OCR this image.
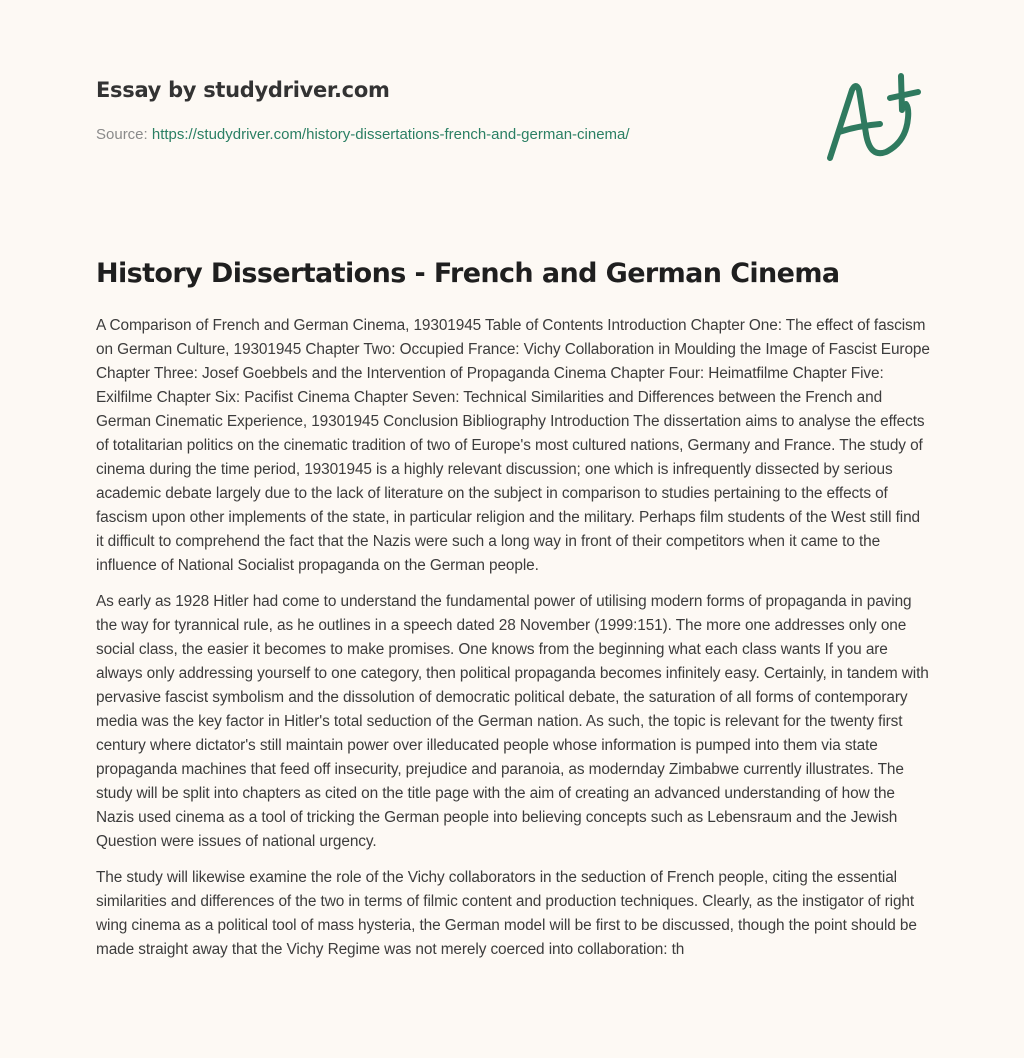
Essay by studydriver.com
Source: https://studydriver.com/history-dissertations-french-and-german-cinema/
History Dissertations - French and German Cinema

A Comparison of French and German Cinema, 19301945 Table of Contents Introduction Chapter One: The effect of fascism on German Culture, 19301945 Chapter Two: Occupied France: Vichy Collaboration in Moulding the Image of Fascist Europe Chapter Three: Josef Goebbels and the Intervention of Propaganda Cinema Chapter Four: Heimatfilme Chapter Five: Exilfilme Chapter Six: Pacifist Cinema Chapter Seven: Technical Similarities and Differences between the French and German Cinematic Experience, 19301945 Conclusion Bibliography Introduction The dissertation aims to analyse the effects of totalitarian politics on the cinematic tradition of two of Europe's most cultured nations, Germany and France. The study of cinema during the time period, 19301945 is a highly relevant discussion; one which is infrequently dissected by serious academic debate largely due to the lack of literature on the subject in comparison to studies pertaining to the effects of fascism upon other implements of the state, in particular religion and the military. Perhaps film students of the West still find it difficult to comprehend the fact that the Nazis were such a long way in front of their competitors when it came to the influence of National Socialist propaganda on the German people.

As early as 1928 Hitler had come to understand the fundamental power of utilising modern forms of propaganda in paving the way for tyrannical rule, as he outlines in a speech dated 28 November (1999:151). The more one addresses only one social class, the easier it becomes to make promises. One knows from the beginning what each class wants If you are always only addressing yourself to one category, then political propaganda becomes infinitely easy. Certainly, in tandem with pervasive fascist symbolism and the dissolution of democratic political debate, the saturation of all forms of contemporary media was the key factor in Hitler's total seduction of the German nation. As such, the topic is relevant for the twenty first century where dictator's still maintain power over illeducated people whose information is pumped into them via state propaganda machines that feed off insecurity, prejudice and paranoia, as modernday Zimbabwe currently illustrates. The study will be split into chapters as cited on the title page with the aim of creating an advanced understanding of how the Nazis used cinema as a tool of tricking the German people into believing concepts such as Lebensraum and the Jewish Question were issues of national urgency.

The study will likewise examine the role of the Vichy collaborators in the seduction of French people, citing the essential similarities and differences of the two in terms of filmic content and production techniques. Clearly, as the instigator of right wing cinema as a political tool of mass hysteria, the German model will be first to be discussed, though the point should be made straight away that the Vichy Regime was not merely coerced into collaboration: th
